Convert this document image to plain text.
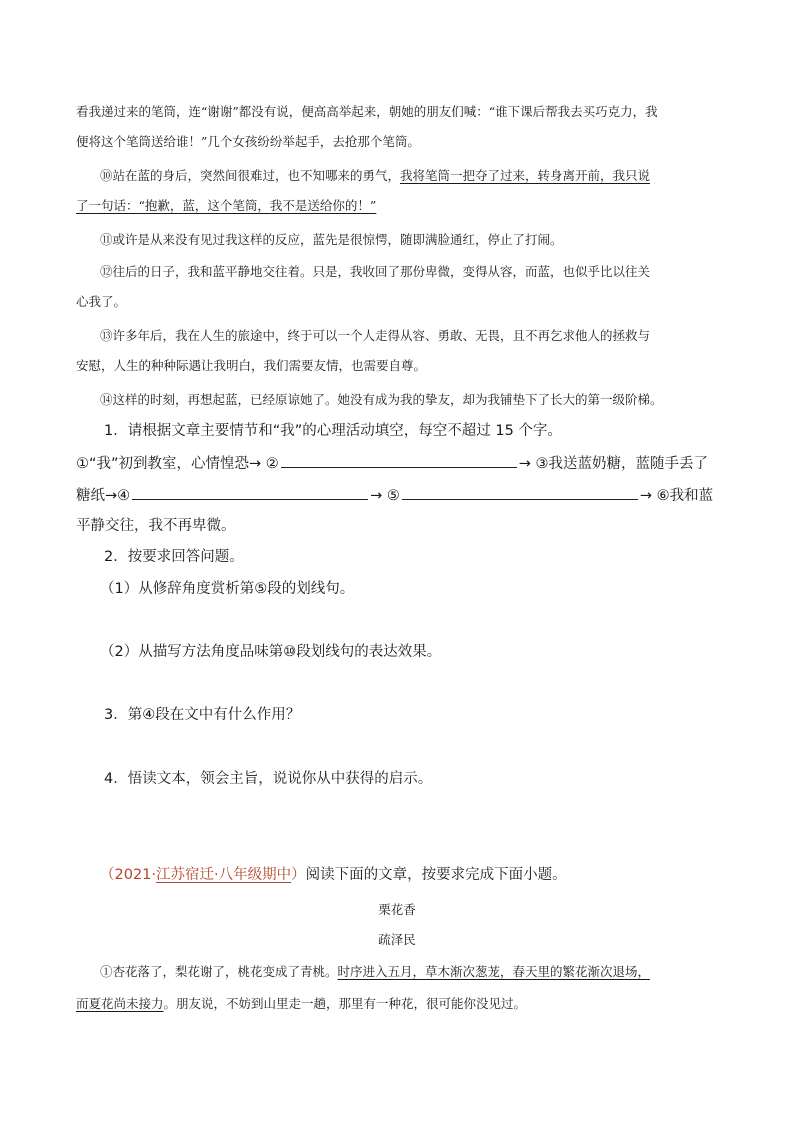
看我递过来的笔筒，连“谢谢”都没有说，便高高举起来，朝她的朋友们喊：“谁下课后帮我去买巧克力，我
便将这个笔筒送给谁！”几个女孩纷纷举起手，去抢那个笔筒。
⑩站在蓝的身后，突然间很难过，也不知哪来的勇气，我将笔筒一把夺了过来，转身离开前，我只说
了一句话：“抱歉，蓝，这个笔筒，我不是送给你的！”
⑪或许是从来没有见过我这样的反应，蓝先是很惊愕，随即满脸通红，停止了打闹。
⑫往后的日子，我和蓝平静地交往着。只是，我收回了那份卑微，变得从容，而蓝，也似乎比以往关
心我了。
⑬许多年后，我在人生的旅途中，终于可以一个人走得从容、勇敢、无畏，且不再乞求他人的拯救与
安慰，人生的种种际遇让我明白，我们需要友情，也需要自尊。
⑭这样的时刻，再想起蓝，已经原谅她了。她没有成为我的挚友，却为我铺垫下了长大的第一级阶梯。
1．请根据文章主要情节和“我”的心理活动填空，每空不超过 15 个字。
①“我”初到教室，心情惶恐→ ②	→ ③我送蓝奶糖，蓝随手丢了
糖纸→④	→ ⑤	→ ⑥我和蓝
平静交往，我不再卑微。
2．按要求回答问题。
（1）从修辞角度赏析第⑤段的划线句。
（2）从描写方法角度品味第⑩段划线句的表达效果。
3．第④段在文中有什么作用？
4．悟读文本，领会主旨，说说你从中获得的启示。
（2021·江苏宿迁·八年级期中）阅读下面的文章，按要求完成下面小题。
栗花香
疏泽民
①杏花落了，梨花谢了，桃花变成了青桃。时序进入五月，草木渐次葱茏，春天里的繁花渐次退场，
而夏花尚未接力。朋友说，不妨到山里走一趟，那里有一种花，很可能你没见过。
